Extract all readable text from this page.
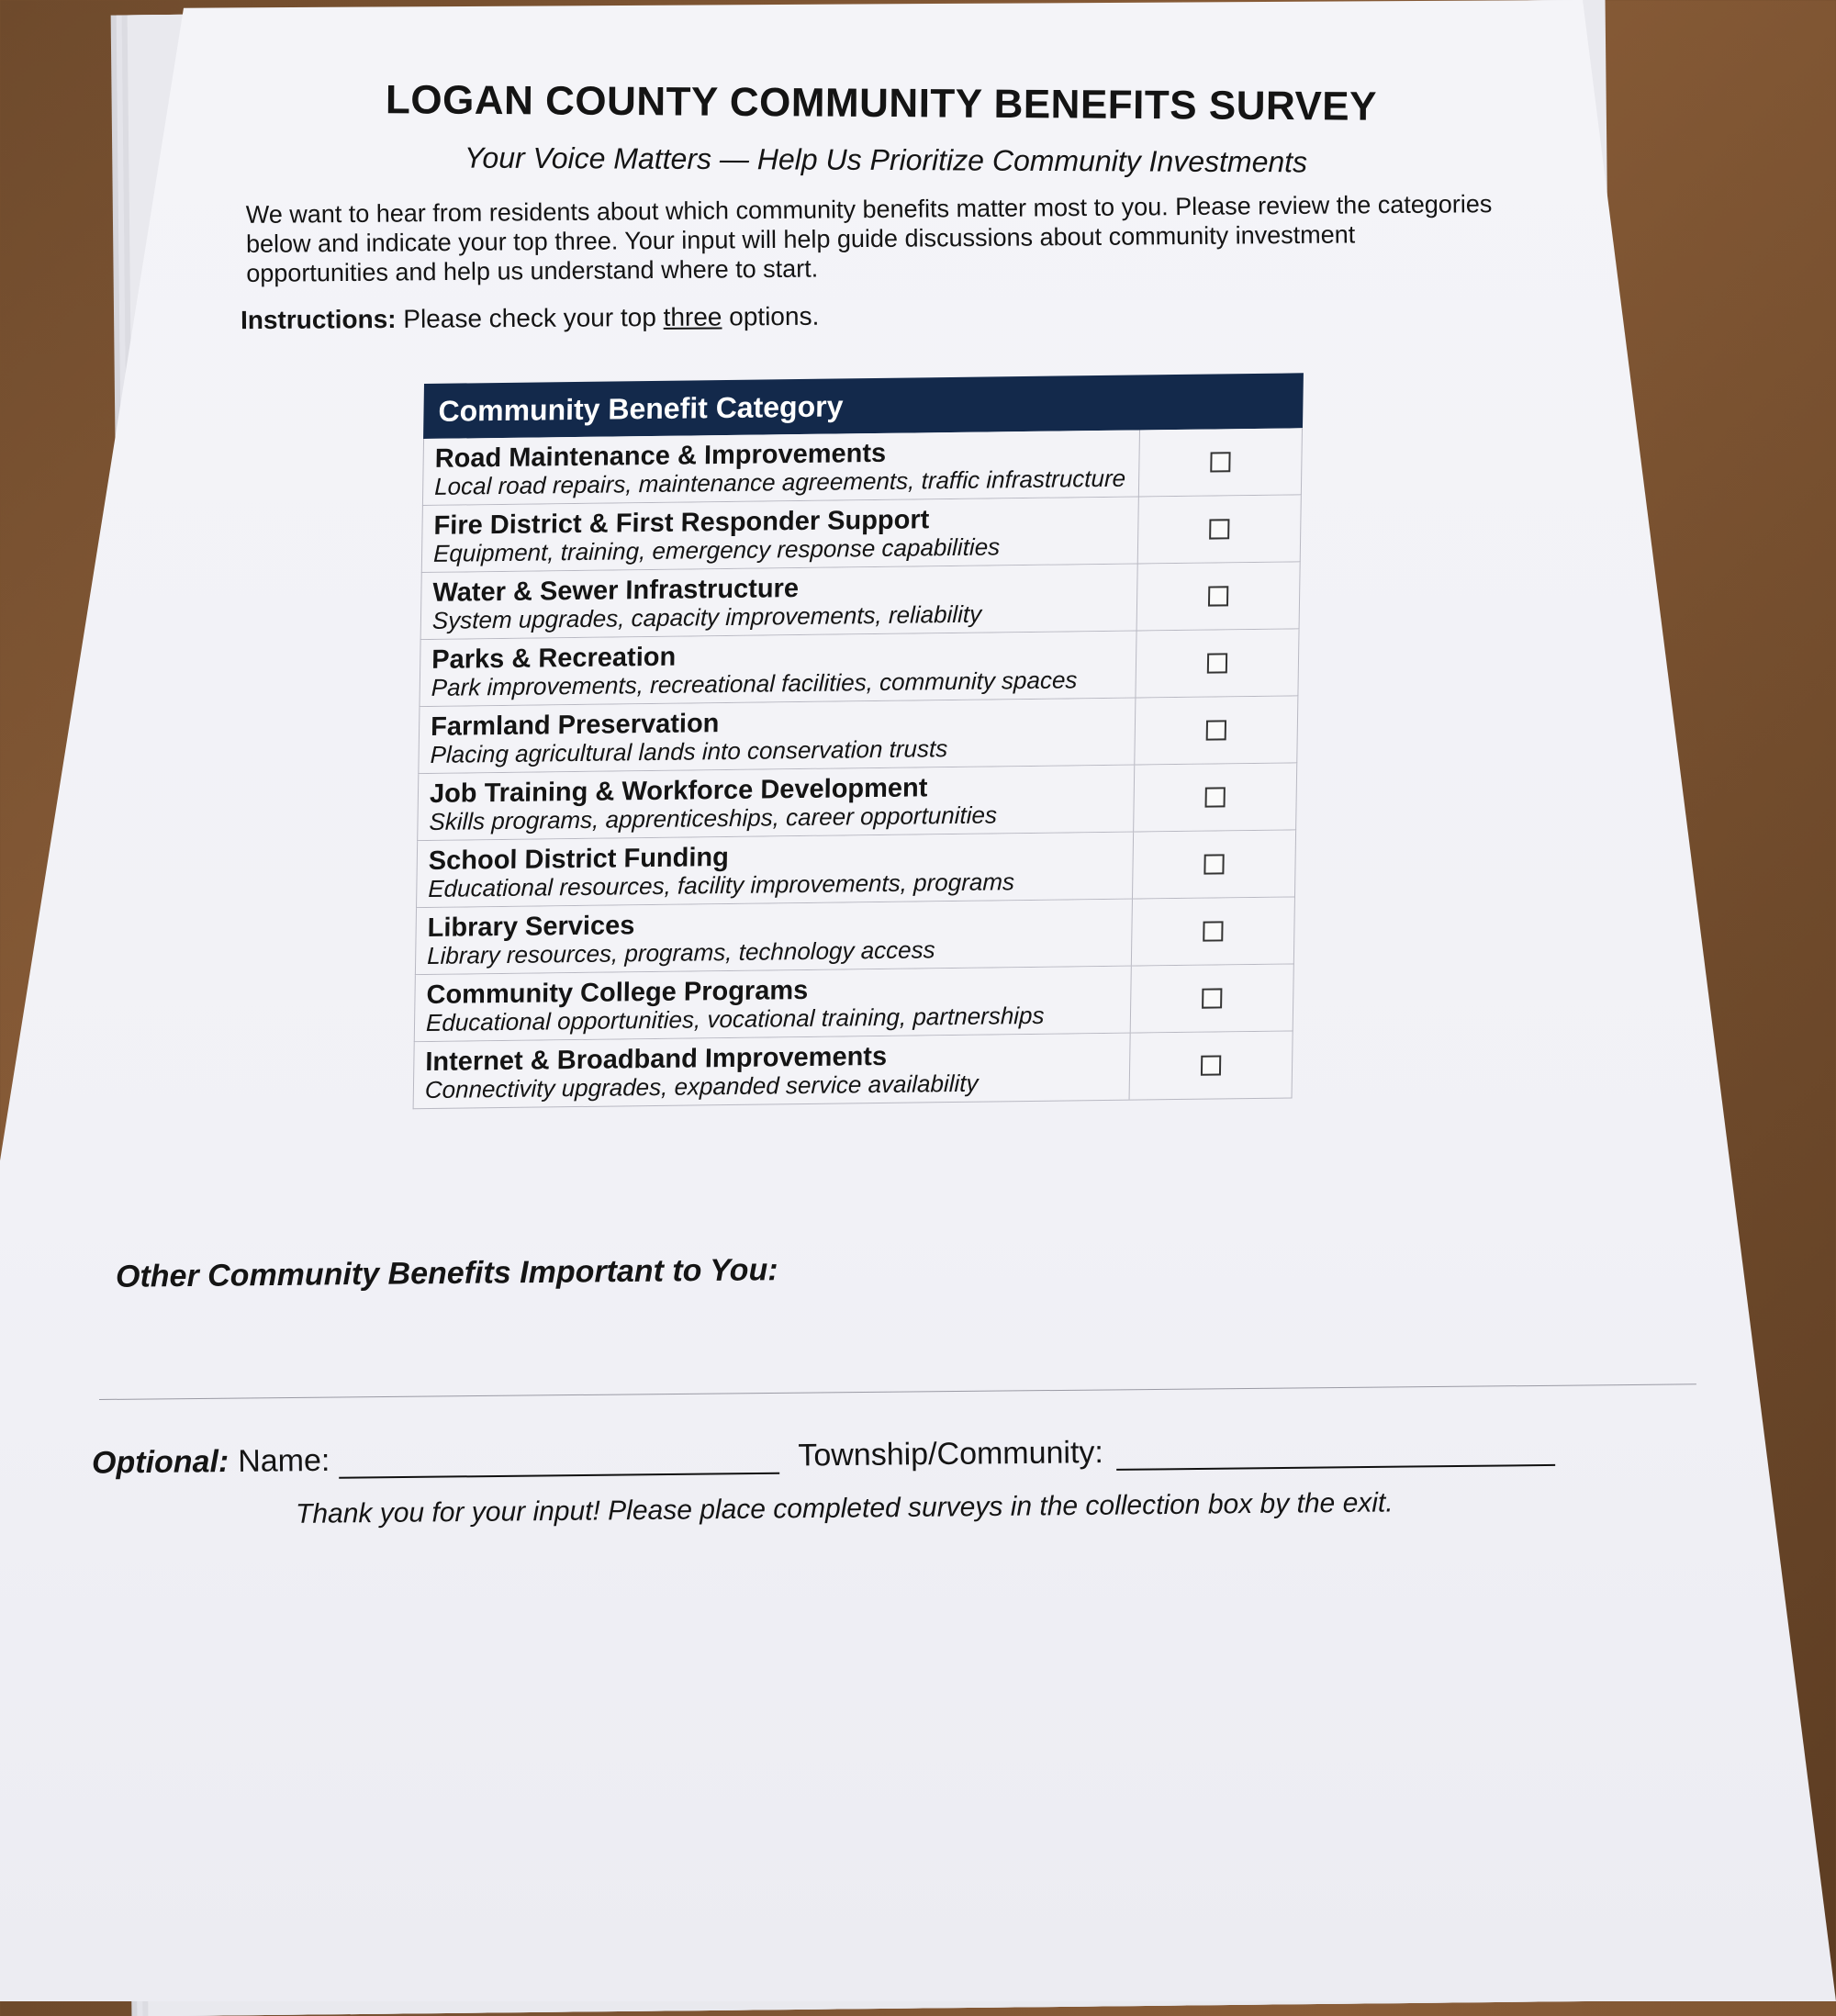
LOGAN COUNTY COMMUNITY BENEFITS SURVEY
Your Voice Matters — Help Us Prioritize Community Investments
We want to hear from residents about which community benefits matter most to you. Please review the categories below and indicate your top three. Your input will help guide discussions about community investment opportunities and help us understand where to start.
Instructions: Please check your top three options.
Community Benefit Category
Road Maintenance & Improvements
Local road repairs, maintenance agreements, traffic infrastructure
Fire District & First Responder Support
Equipment, training, emergency response capabilities
Water & Sewer Infrastructure
System upgrades, capacity improvements, reliability
Parks & Recreation
Park improvements, recreational facilities, community spaces
Farmland Preservation
Placing agricultural lands into conservation trusts
Job Training & Workforce Development
Skills programs, apprenticeships, career opportunities
School District Funding
Educational resources, facility improvements, programs
Library Services
Library resources, programs, technology access
Community College Programs
Educational opportunities, vocational training, partnerships
Internet & Broadband Improvements
Connectivity upgrades, expanded service availability
Other Community Benefits Important to You:
Optional: Name:	Township/Community:
Thank you for your input! Please place completed surveys in the collection box by the exit.
